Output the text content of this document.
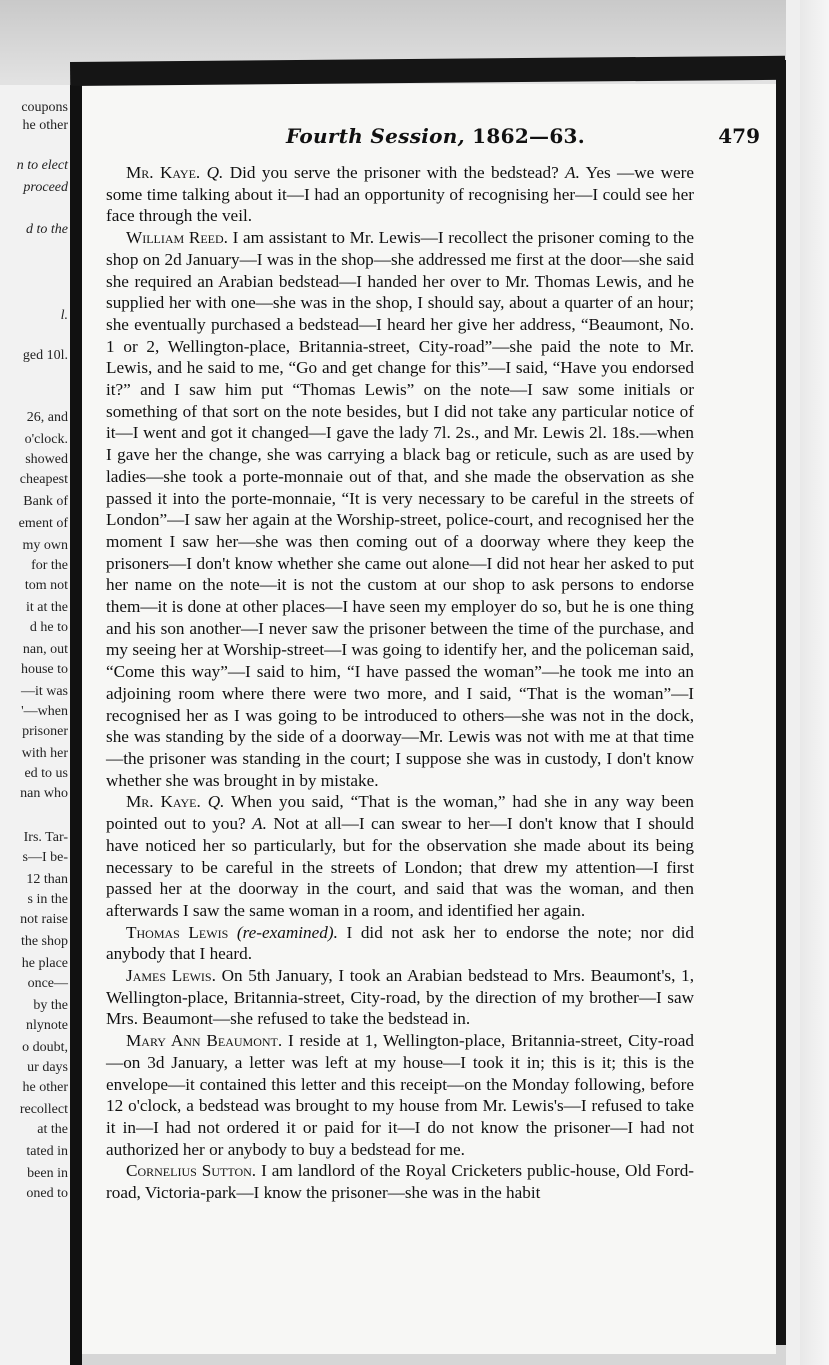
coupons
he other
n to elect
proceed
d to the
l.
ged 10l.
26, and
o'clock.
showed
cheapest
Bank of
ement of
my own
for the
tom not
it at the
d he to
nan, out
house to
—it was
'—when
prisoner
with her
ed to us
nan who
Irs. Tar-
s—I be-
12 than
s in the
not raise
the shop
he place
once—
by the
nlynote
o doubt,
ur days
he other
recollect
at the
tated in
been in
oned to
Fourth Session, 1862—63.	479

Mr. Kaye. Q. Did you serve the prisoner with the bedstead? A. Yes —we were some time talking about it—I had an opportunity of recognising her—I could see her face through the veil.

William Reed. I am assistant to Mr. Lewis—I recollect the prisoner coming to the shop on 2d January—I was in the shop—she addressed me first at the door—she said she required an Arabian bedstead—I handed her over to Mr. Thomas Lewis, and he supplied her with one—she was in the shop, I should say, about a quarter of an hour; she eventually purchased a bedstead—I heard her give her address, “Beaumont, No. 1 or 2, Wellington-place, Britannia-street, City-road”—she paid the note to Mr. Lewis, and he said to me, “Go and get change for this”—I said, “Have you endorsed it?” and I saw him put “Thomas Lewis” on the note—I saw some initials or something of that sort on the note besides, but I did not take any particular notice of it—I went and got it changed—I gave the lady 7l. 2s., and Mr. Lewis 2l. 18s.—when I gave her the change, she was carrying a black bag or reticule, such as are used by ladies—she took a porte-monnaie out of that, and she made the observation as she passed it into the porte-monnaie, “It is very necessary to be careful in the streets of London”—I saw her again at the Worship-street, police-court, and recognised her the moment I saw her—she was then coming out of a doorway where they keep the prisoners—I don't know whether she came out alone—I did not hear her asked to put her name on the note—it is not the custom at our shop to ask persons to endorse them—it is done at other places—I have seen my employer do so, but he is one thing and his son another—I never saw the prisoner between the time of the purchase, and my seeing her at Worship-street—I was going to identify her, and the policeman said, “Come this way”—I said to him, “I have passed the woman”—he took me into an adjoining room where there were two more, and I said, “That is the woman”—I recognised her as I was going to be introduced to others—she was not in the dock, she was standing by the side of a doorway—Mr. Lewis was not with me at that time—the prisoner was standing in the court; I suppose she was in custody, I don't know whether she was brought in by mistake.

Mr. Kaye. Q. When you said, “That is the woman,” had she in any way been pointed out to you? A. Not at all—I can swear to her—I don't know that I should have noticed her so particularly, but for the observation she made about its being necessary to be careful in the streets of London; that drew my attention—I first passed her at the doorway in the court, and said that was the woman, and then afterwards I saw the same woman in a room, and identified her again.

Thomas Lewis (re-examined). I did not ask her to endorse the note; nor did anybody that I heard.

James Lewis. On 5th January, I took an Arabian bedstead to Mrs. Beaumont's, 1, Wellington-place, Britannia-street, City-road, by the direction of my brother—I saw Mrs. Beaumont—she refused to take the bedstead in.

Mary Ann Beaumont. I reside at 1, Wellington-place, Britannia-street, City-road—on 3d January, a letter was left at my house—I took it in; this is it; this is the envelope—it contained this letter and this receipt—on the Monday following, before 12 o'clock, a bedstead was brought to my house from Mr. Lewis's—I refused to take it in—I had not ordered it or paid for it—I do not know the prisoner—I had not authorized her or anybody to buy a bedstead for me.

Cornelius Sutton. I am landlord of the Royal Cricketers public-house, Old Ford-road, Victoria-park—I know the prisoner—she was in the habit
